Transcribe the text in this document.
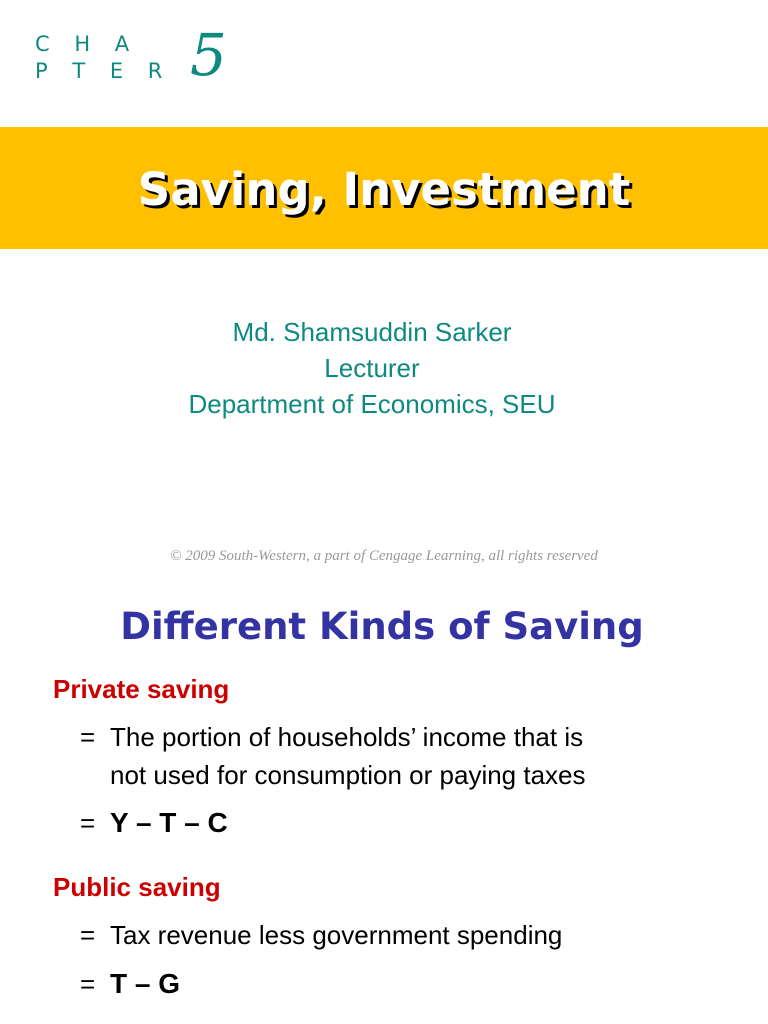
C H A P T E R 5
Saving, Investment
Md. Shamsuddin Sarker
Lecturer
Department of Economics, SEU
© 2009 South-Western, a part of Cengage Learning, all rights reserved
Different Kinds of Saving
Private saving
= The portion of households’ income that is
not used for consumption or paying taxes
= Y – T – C
Public saving
= Tax revenue less government spending
= T – G
